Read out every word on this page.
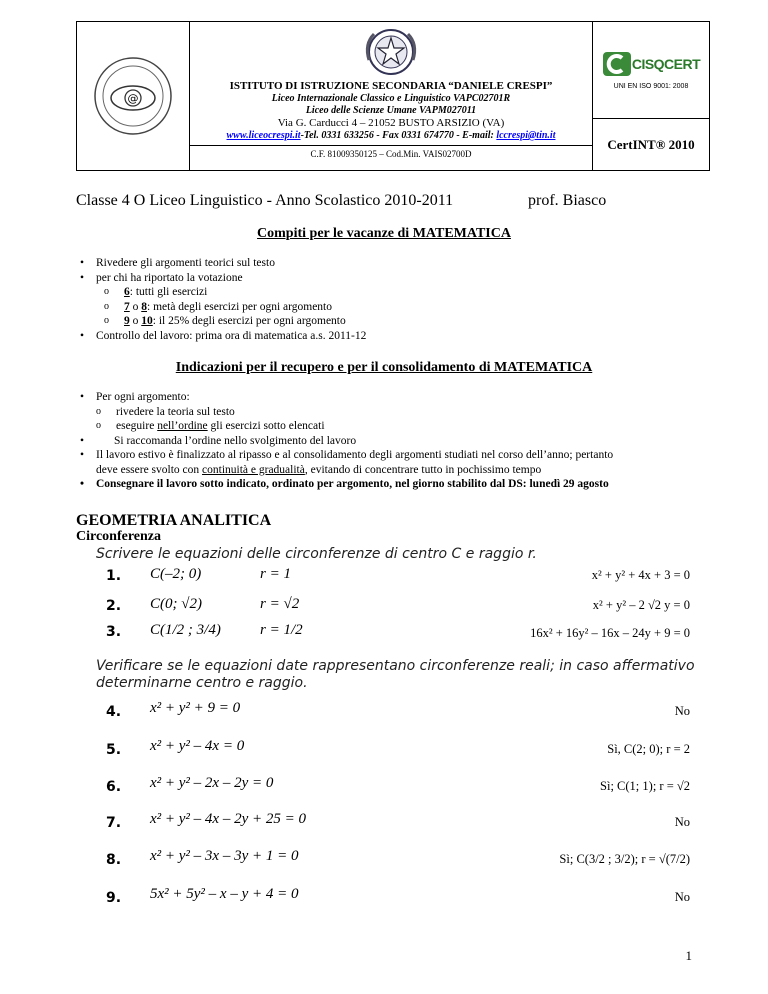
@
ISTITUTO DI ISTRUZIONE SECONDARIA “DANIELE CRESPI”
Liceo Internazionale Classico e Linguistico VAPC02701R
Liceo delle Scienze Umane VAPM027011
Via G. Carducci 4 – 21052 BUSTO ARSIZIO (VA)
www.liceocrespi.it-Tel. 0331 633256 - Fax 0331 674770 - E-mail: lccrespi@tin.it
C.F. 81009350125 – Cod.Min. VAIS02700D
CISQCERT
UNI EN ISO 9001: 2008
CertINT® 2010
Classe 4 O Liceo Linguistico - Anno Scolastico 2010-2011	prof. Biasco
Compiti per le vacanze di MATEMATICA
• Rivedere gli argomenti teorici sul testo
• per chi ha riportato la votazione
o 6: tutti gli esercizi
o 7 o 8: metà degli esercizi per ogni argomento
o 9 o 10: il 25% degli esercizi per ogni argomento
• Controllo del lavoro: prima ora di matematica a.s. 2011-12
Indicazioni per il recupero e per il consolidamento di MATEMATICA
• Per ogni argomento:
o rivedere la teoria sul testo
o eseguire nell’ordine gli esercizi sotto elencati
• Si raccomanda l’ordine nello svolgimento del lavoro
• Il lavoro estivo è finalizzato al ripasso e al consolidamento degli argomenti studiati nel corso dell’anno; pertanto
deve essere svolto con continuità e gradualità, evitando di concentrare tutto in pochissimo tempo
• Consegnare il lavoro sotto indicato, ordinato per argomento, nel giorno stabilito dal DS: lunedì 29 agosto
GEOMETRIA ANALITICA
Circonferenza
Scrivere le equazioni delle circonferenze di centro C e raggio r.
1. C(–2; 0)	r = 1	x² + y² + 4x + 3 = 0
2. C(0; √2)	r = √2	x² + y² – 2 √2 y = 0
3. C(1/2 ; 3/4)	r = 1/2	16x² + 16y² – 16x – 24y + 9 = 0
Verificare se le equazioni date rappresentano circonferenze reali; in caso affermativo determinarne centro e raggio.
4. x² + y² + 9 = 0	No
5. x² + y² – 4x = 0	Sì, C(2; 0); r = 2
6. x² + y² – 2x – 2y = 0	Sì; C(1; 1); r = √2
7. x² + y² – 4x – 2y + 25 = 0	No
8. x² + y² – 3x – 3y + 1 = 0	Sì; C(3/2 ; 3/2); r = √(7/2)
9. 5x² + 5y² – x – y + 4 = 0	No
1
